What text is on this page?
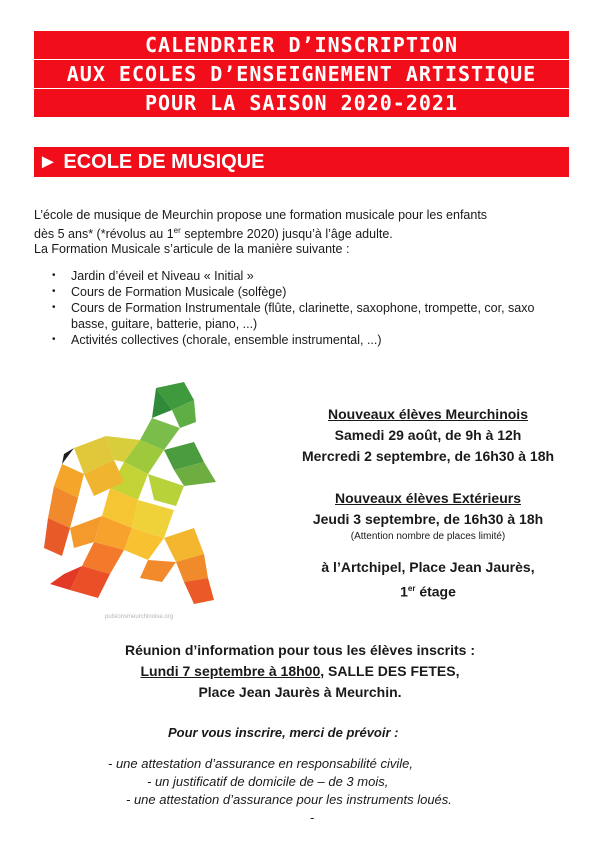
CALENDRIER D’INSCRIPTION
AUX ECOLES D’ENSEIGNEMENT ARTISTIQUE
POUR LA SAISON 2020-2021
► ECOLE DE MUSIQUE

L’école de musique de Meurchin propose une formation musicale pour les enfants

dès 5 ans* (*révolus au 1er septembre 2020) jusqu’à l’âge adulte.

La Formation Musicale s’articule de la manière suivante :

• Jardin d’éveil et Niveau « Initial »
• Cours de Formation Musicale (solfège)
• Cours de Formation Instrumentale (flûte, clarinette, saxophone, trompette, cor, saxo basse, guitare, batterie, piano, ...)
• Activités collectives (chorale, ensemble instrumental, ...)
pulsionsmeurchinoise.org
Nouveaux élèves Meurchinois
Samedi 29 août, de 9h à 12h
Mercredi 2 septembre, de 16h30 à 18h
Nouveaux élèves Extérieurs
Jeudi 3 septembre, de 16h30 à 18h
(Attention nombre de places limité)
à l’Artchipel, Place Jean Jaurès,
1er étage
Réunion d’information pour tous les élèves inscrits :
Lundi 7 septembre à 18h00, SALLE DES FETES,
Place Jean Jaurès à Meurchin.
Pour vous inscrire, merci de prévoir :
- une attestation d’assurance en responsabilité civile,
- un justificatif de domicile de – de 3 mois,
- une attestation d’assurance pour les instruments loués.
-
